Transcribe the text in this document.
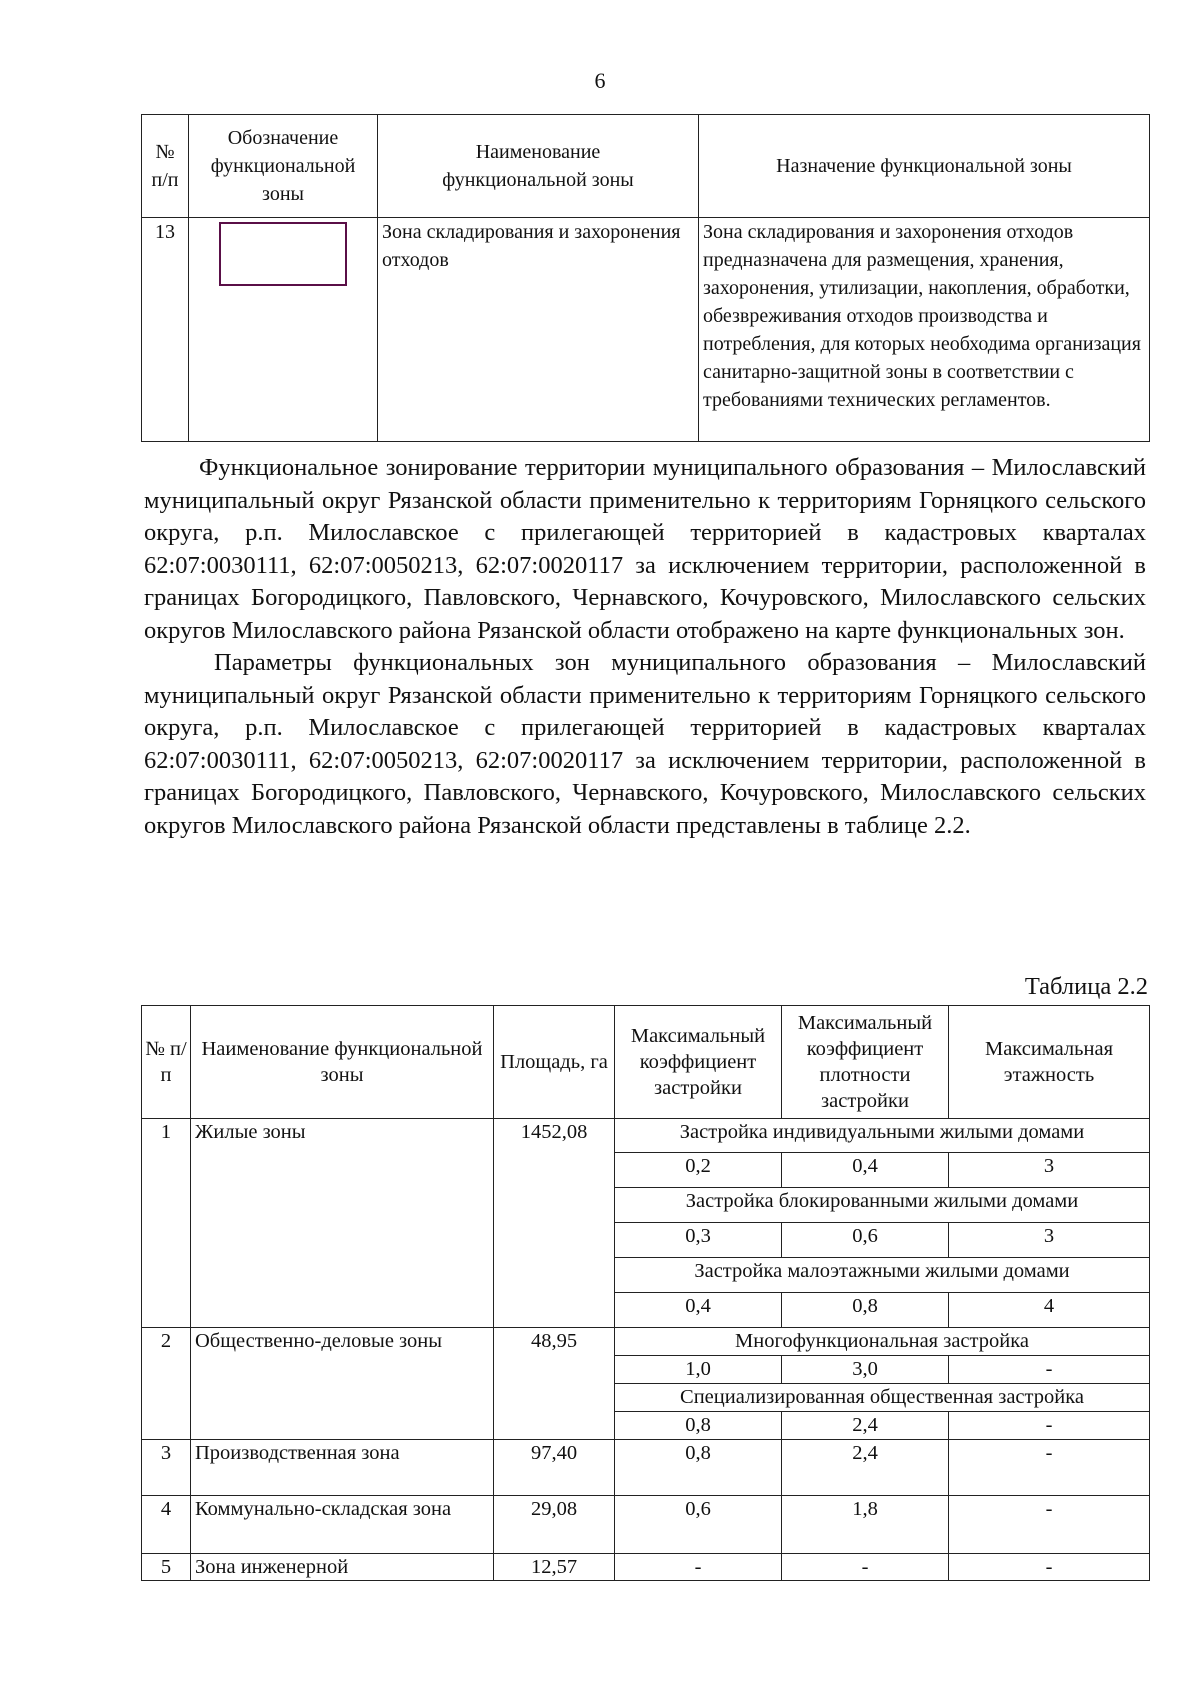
6
№ п/п	Обозначение функциональной зоны	Наименование функциональной зоны	Назначение функциональной зоны
13		Зона складирования и захоронения отходов	Зона складирования и захоронения отходов предназначена для размещения, хранения, захоронения, утилизации, накопления, обработки, обезвреживания отходов производства и потребления, для которых необходима организация санитарно-защитной зоны в соответствии с требованиями технических регламентов.

Функциональное зонирование территории муниципального образования – Милославский муниципальный округ Рязанской области применительно к территориям Горняцкого сельского округа, р.п. Милославское с прилегающей территорией в кадастровых кварталах 62:07:0030111, 62:07:0050213, 62:07:0020117 за исключением территории, расположенной в границах Богородицкого, Павловского, Чернавского, Кочуровского, Милославского сельских округов Милославского района Рязанской области отображено на карте функциональных зон.

Параметры функциональных зон муниципального образования – Милославский муниципальный округ Рязанской области применительно к территориям Горняцкого сельского округа, р.п. Милославское с прилегающей территорией в кадастровых кварталах 62:07:0030111, 62:07:0050213, 62:07:0020117 за исключением территории, расположенной в границах Богородицкого, Павловского, Чернавского, Кочуровского, Милославского сельских округов Милославского района Рязанской области представлены в таблице 2.2.

Таблица 2.2
№ п/п	Наименование функциональной зоны	Площадь, га	Максимальный коэффициент застройки	Максимальный коэффициент плотности застройки	Максимальная этажность
1	Жилые зоны	1452,08	Застройка индивидуальными жилыми домами		
			0,2	0,4	3
			Застройка блокированными жилыми домами		
			0,3	0,6	3
			Застройка малоэтажными жилыми домами		
			0,4	0,8	4
2	Общественно-деловые зоны	48,95	Многофункциональная застройка		
			1,0	3,0	-
			Специализированная общественная застройка		
			0,8	2,4	-
3	Производственная зона	97,40	0,8	2,4	-
4	Коммунально-складская зона	29,08	0,6	1,8	-
5	Зона инженерной	12,57	-	-	-
